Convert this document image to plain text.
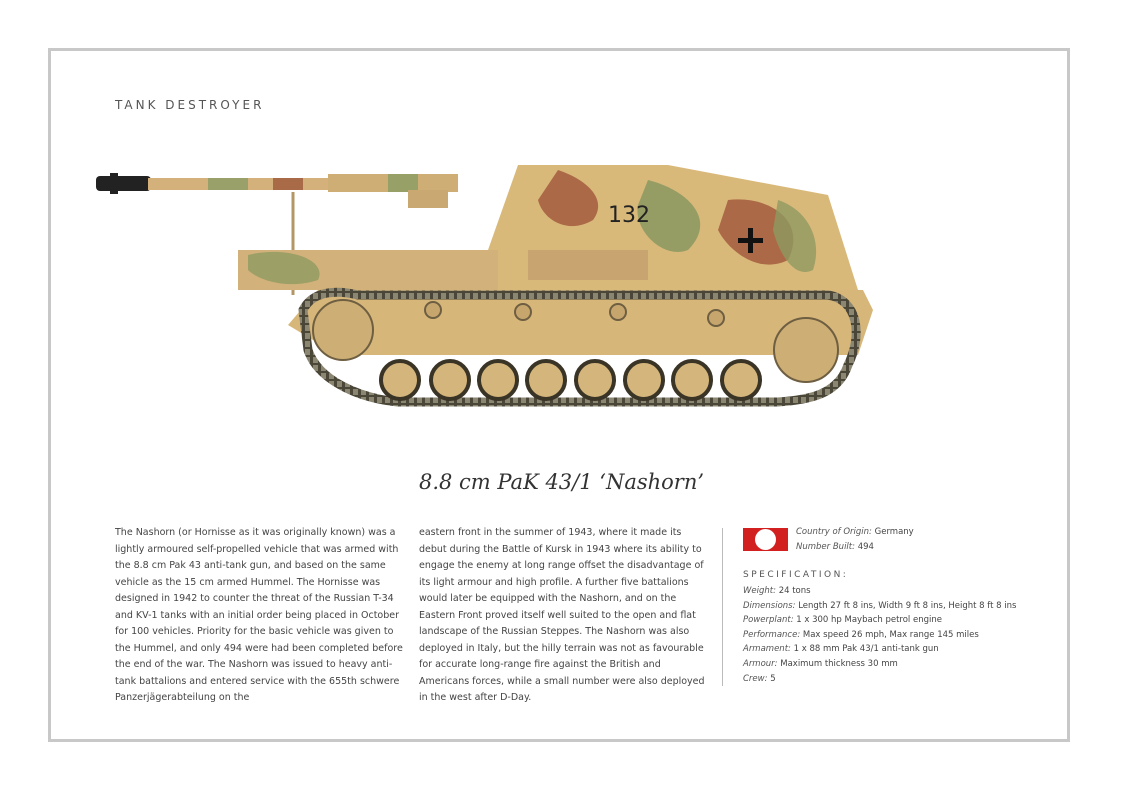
TANK DESTROYER
132
8.8 cm PaK 43/1 ‘Nashorn’
The Nashorn (or Hornisse as it was originally known) was a lightly armoured self-propelled vehicle that was armed with the 8.8 cm Pak 43 anti-tank gun, and based on the same vehicle as the 15 cm armed Hummel. The Hornisse was designed in 1942 to counter the threat of the Russian T-34 and KV-1 tanks with an initial order being placed in October for 100 vehicles. Priority for the basic vehicle was given to the Hummel, and only 494 were had been completed before the end of the war. The Nashorn was issued to heavy anti-tank battalions and entered service with the 655th schwere Panzerjägerabteilung on the
eastern front in the summer of 1943, where it made its debut during the Battle of Kursk in 1943 where its ability to engage the enemy at long range offset the disadvantage of its light armour and high profile. A further five battalions would later be equipped with the Nashorn, and on the Eastern Front proved itself well suited to the open and flat landscape of the Russian Steppes. The Nashorn was also deployed in Italy, but the hilly terrain was not as favourable for accurate long-range fire against the British and Americans forces, while a small number were also deployed in the west after D-Day.
Country of Origin: Germany
Number Built: 494
SPECIFICATION:
Weight: 24 tons
Dimensions: Length 27 ft 8 ins, Width 9 ft 8 ins, Height 8 ft 8 ins
Powerplant: 1 x 300 hp Maybach petrol engine
Performance: Max speed 26 mph, Max range 145 miles
Armament: 1 x 88 mm Pak 43/1 anti-tank gun
Armour: Maximum thickness 30 mm
Crew: 5
